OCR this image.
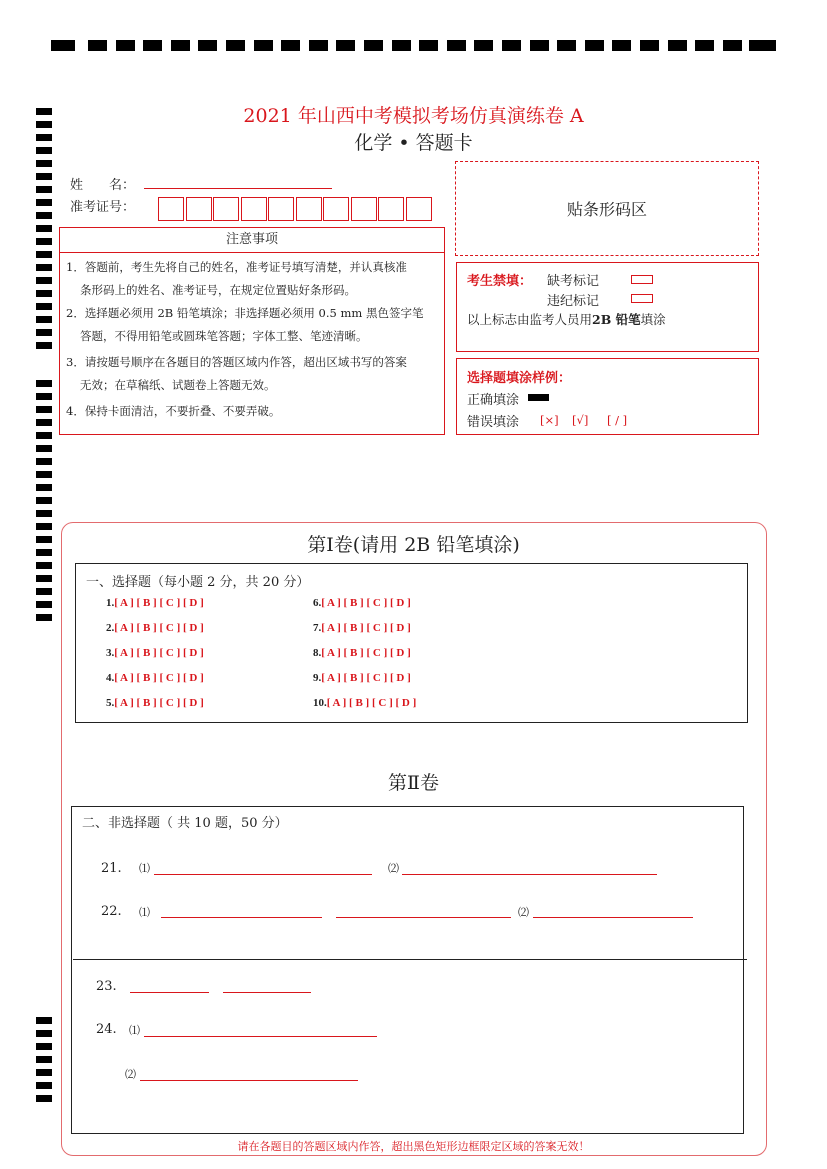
2021 年山西中考模拟考场仿真演练卷 A
化学 • 答题卡
姓　　名：
准考证号：	贴条形码区
注意事项
1．答题前，考生先将自己的姓名，准考证号填写清楚，并认真核准
条形码上的姓名、准考证号，在规定位置贴好条形码。
2．选择题必须用 2B 铅笔填涂；非选择题必须用 0.5 mm 黑色签字笔
答题，不得用铅笔或圆珠笔答题；字体工整、笔迹清晰。
3．请按题号顺序在各题目的答题区域内作答，超出区域书写的答案
无效；在草稿纸、试题卷上答题无效。
4．保持卡面清洁，不要折叠、不要弄破。
考生禁填： 缺考标记
违纪标记
以上标志由监考人员用2B 铅笔填涂
选择题填涂样例：
正确填涂
错误填涂 [×] [√] [ / ]
第Ⅰ卷(请用 2B 铅笔填涂)
一、选择题（每小题 2 分，共 20 分）
1.[ A ] [ B ] [ C ] [ D ]
2.[ A ] [ B ] [ C ] [ D ]
3.[ A ] [ B ] [ C ] [ D ]
4.[ A ] [ B ] [ C ] [ D ]
5.[ A ] [ B ] [ C ] [ D ]
6.[ A ] [ B ] [ C ] [ D ]
7.[ A ] [ B ] [ C ] [ D ]
8.[ A ] [ B ] [ C ] [ D ]
9.[ A ] [ B ] [ C ] [ D ]
10.[ A ] [ B ] [ C ] [ D ]
第Ⅱ卷
二、非选择题（ 共 10 题，50 分）
21. ⑴	⑵
22. ⑴	⑵
23.
24. ⑴
⑵
请在各题目的答题区域内作答，超出黑色矩形边框限定区域的答案无效！
